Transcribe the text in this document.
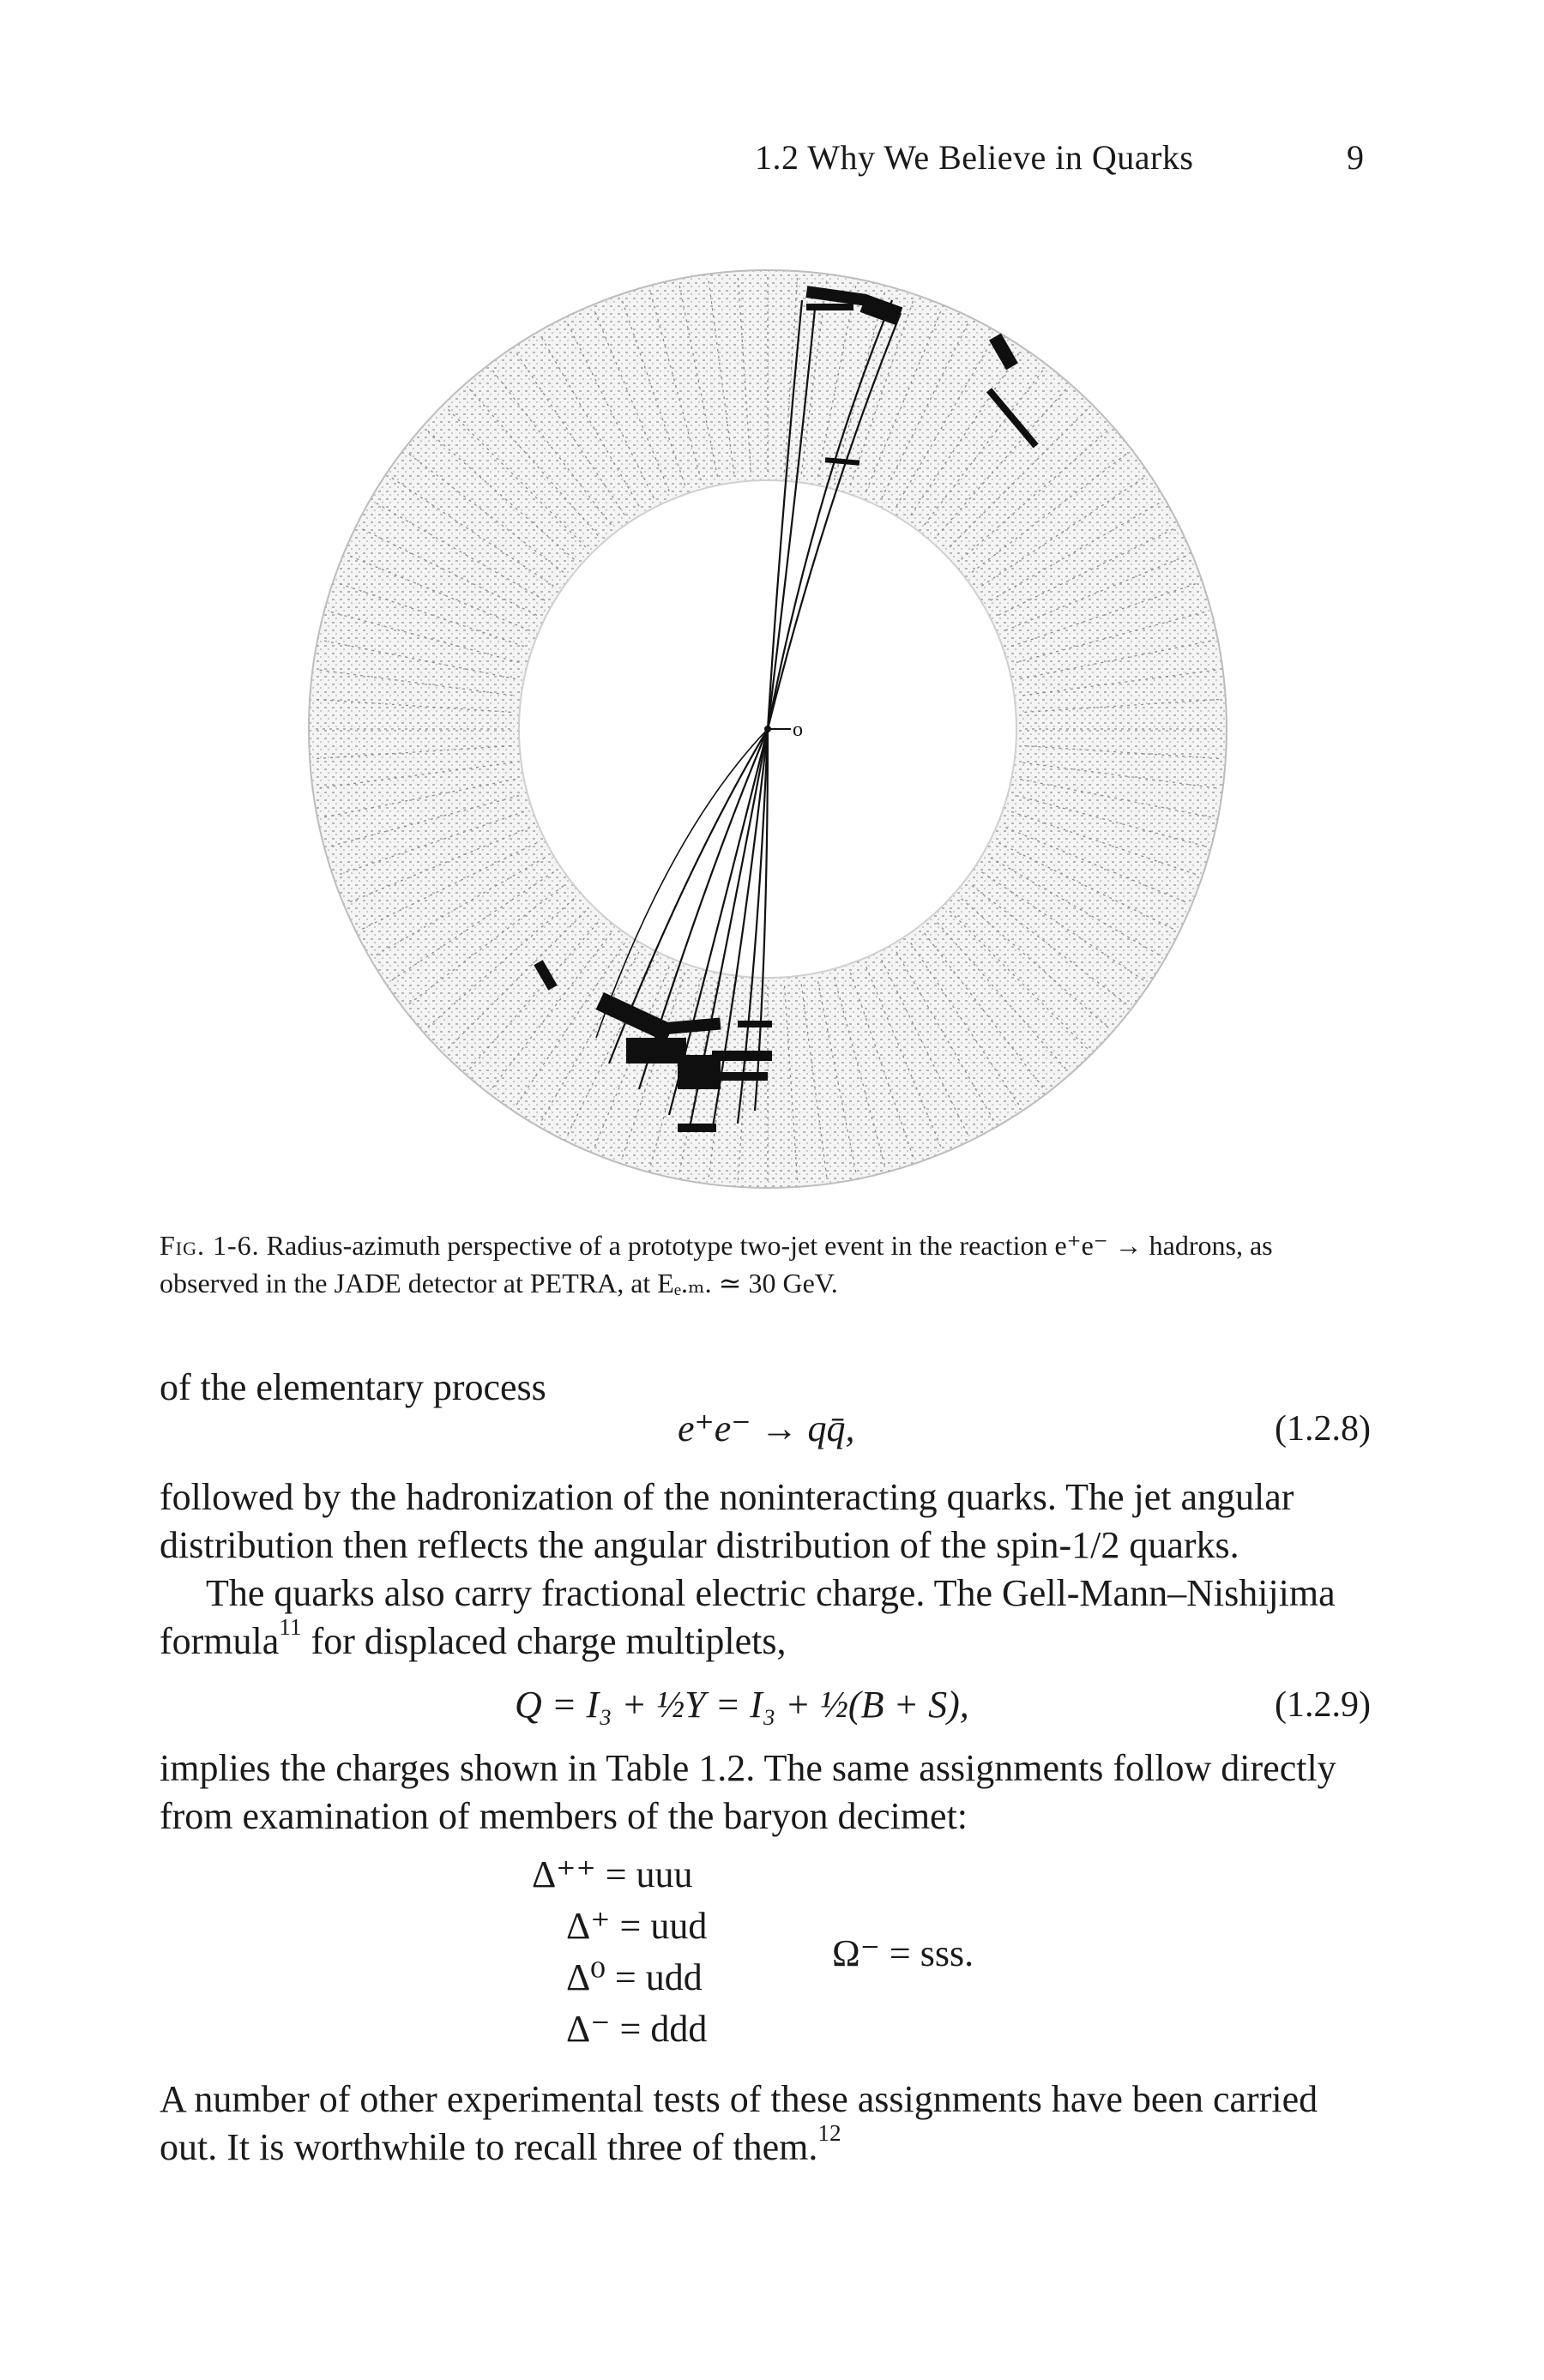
1.2 Why We Believe in Quarks	9
o
Fig. 1-6. Radius-azimuth perspective of a prototype two-jet event in the reaction e⁺e⁻ → hadrons, as observed in the JADE detector at PETRA, at Eₑ.ₘ. ≃ 30 GeV.
of the elementary process
e⁺e⁻ → qq̄,	(1.2.8)
followed by the hadronization of the noninteracting quarks. The jet angular
distribution then reflects the angular distribution of the spin-1/2 quarks.
The quarks also carry fractional electric charge. The Gell-Mann–Nishijima
formula$^{11}$ for displaced charge multiplets,
Q = I₃ + ½Y = I₃ + ½(B + S),	(1.2.9)
implies the charges shown in Table 1.2. The same assignments follow directly
from examination of members of the baryon decimet:
Δ⁺⁺ = uuu
Δ⁺ = uud
Δ⁰ = udd
Δ⁻ = ddd
Ω⁻ = sss.
A number of other experimental tests of these assignments have been carried
out. It is worthwhile to recall three of them.$^{12}$
